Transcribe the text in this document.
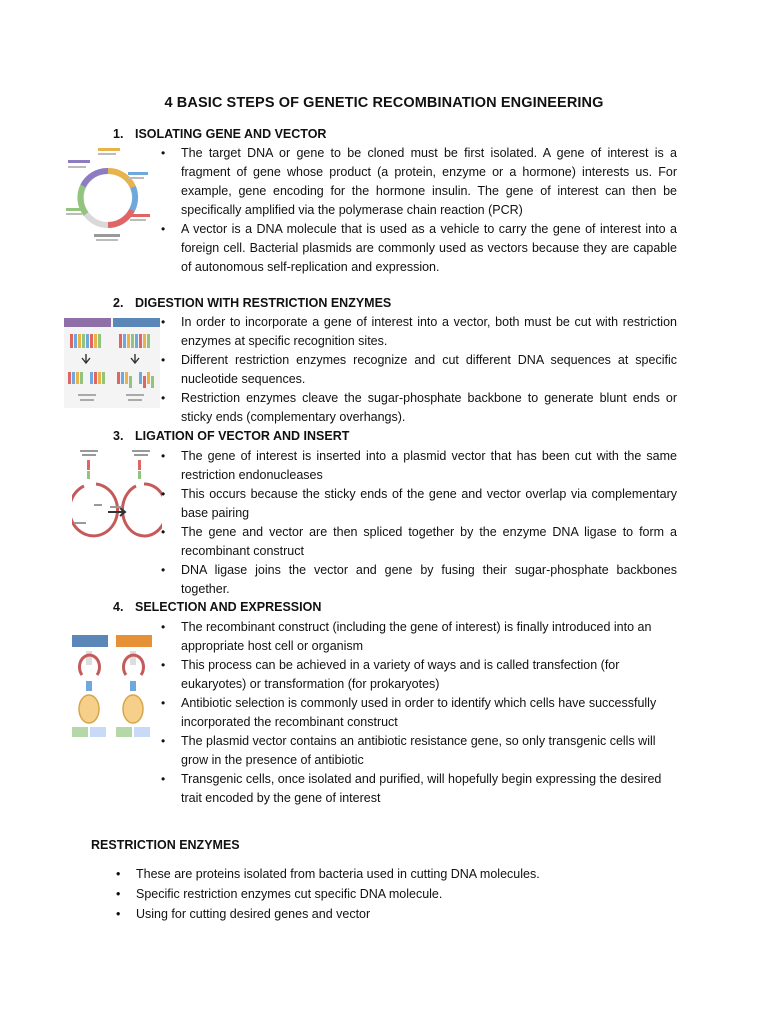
4 BASIC STEPS OF GENETIC RECOMBINATION ENGINEERING
1. ISOLATING GENE AND VECTOR
• The target DNA or gene to be cloned must be first isolated. A gene of interest is a fragment of gene whose product (a protein, enzyme or a hormone) interests us. For example, gene encoding for the hormone insulin. The gene of interest can then be specifically amplified via the polymerase chain reaction (PCR)
• A vector is a DNA molecule that is used as a vehicle to carry the gene of interest into a foreign cell. Bacterial plasmids are commonly used as vectors because they are capable of autonomous self-replication and expression.
2. DIGESTION WITH RESTRICTION ENZYMES
• In order to incorporate a gene of interest into a vector, both must be cut with restriction enzymes at specific recognition sites.
• Different restriction enzymes recognize and cut different DNA sequences at specific nucleotide sequences.
• Restriction enzymes cleave the sugar-phosphate backbone to generate blunt ends or sticky ends (complementary overhangs).
3. LIGATION OF VECTOR AND INSERT
• The gene of interest is inserted into a plasmid vector that has been cut with the same restriction endonucleases
• This occurs because the sticky ends of the gene and vector overlap via complementary base pairing
• The gene and vector are then spliced together by the enzyme DNA ligase to form a recombinant construct
• DNA ligase joins the vector and gene by fusing their sugar-phosphate backbones together.
4. SELECTION AND EXPRESSION
• The recombinant construct (including the gene of interest) is finally introduced into an appropriate host cell or organism
• This process can be achieved in a variety of ways and is called transfection (for eukaryotes) or transformation (for prokaryotes)
• Antibiotic selection is commonly used in order to identify which cells have successfully incorporated the recombinant construct
• The plasmid vector contains an antibiotic resistance gene, so only transgenic cells will grow in the presence of antibiotic
• Transgenic cells, once isolated and purified, will hopefully begin expressing the desired trait encoded by the gene of interest
RESTRICTION ENZYMES
• These are proteins isolated from bacteria used in cutting DNA molecules.
• Specific restriction enzymes cut specific DNA molecule.
• Using for cutting desired genes and vector
